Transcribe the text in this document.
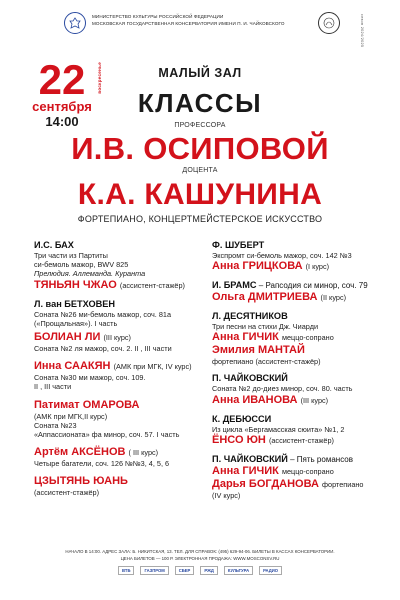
МИНИСТЕРСТВО КУЛЬТУРЫ РОССИЙСКОЙ ФЕДЕРАЦИИ
МОСКОВСКАЯ ГОСУДАРСТВЕННАЯ КОНСЕРВАТОРИЯ ИМЕНИ П. И. ЧАЙКОВСКОГО	сезон 2024/2025
22	воскресенье
сентября
14:00
МАЛЫЙ ЗАЛ
КЛАССЫ
ПРОФЕССОРА
И.В. ОСИПОВОЙ
ДОЦЕНТА
К.А. КАШУНИНА
ФОРТЕПИАНО, КОНЦЕРТМЕЙСТЕРСКОЕ ИСКУССТВО
И.С. БАХ
Три части из Партиты
си-бемоль мажор, BWV 825
Прелюдия. Аллеманда. Куранта
ТЯНЬЯН ЧЖАО (ассистент-стажёр)
Л. ван БЕТХОВЕН
Соната №26 ми-бемоль мажор, соч. 81а
(«Прощальная»). I часть
БОЛИАН ЛИ (III курс)
Соната №2 ля мажор, соч. 2. II , III части
Инна СААКЯН (АМК при МГК, IV курс)
Соната №30 ми мажор, соч. 109.
II , III части
Патимат ОМАРОВА
(АМК при МГК,II курс)
Соната №23
«Аппассионата» фа минор, соч. 57. I часть
Артём АКСЁНОВ ( III курс)
Четыре багатели, соч. 126 №№3, 4, 5, 6
ЦЗЫТЯНЬ ЮАНЬ
(ассистент-стажёр)
Ф. ШУБЕРТ
Экспромт си-бемоль мажор, соч. 142 №3
Анна ГРИЦКОВА (I курс)
И. БРАМС – Рапсодия си минор, соч. 79
Ольга ДМИТРИЕВА (II курс)
Л. ДЕСЯТНИКОВ
Три песни на стихи Дж. Чиарди
Анна ГИЧИК меццо-сопрано
Эмилия МАНТАЙ
фортепиано (ассистент-стажёр)
П. ЧАЙКОВСКИЙ
Соната №2 до-диез минор, соч. 80. часть
Анна ИВАНОВА (III курс)
К. ДЕБЮССИ
Из цикла «Бергамасская сюита» №1, 2
ЁНСО ЮН (ассистент-стажёр)
П. ЧАЙКОВСКИЙ – Пять романсов
Анна ГИЧИК меццо-сопрано
Дарья БОГДАНОВА фортепиано
(IV курс)
НАЧАЛО В 14:00. АДРЕС ЗАЛА: Б. НИКИТСКАЯ, 13. ТЕЛ. ДЛЯ СПРАВОК: (495) 629-94-06. БИЛЕТЫ В КАССАХ КОНСЕРВАТОРИИ.
ЦЕНА БИЛЕТОВ — 100 Р. ЭЛЕКТРОННАЯ ПРОДАЖА: WWW.MOSCONSV.RU
ВТБ	ГАЗПРОМ	СБЕР	РЖД	КУЛЬТУРА	РАДИО
